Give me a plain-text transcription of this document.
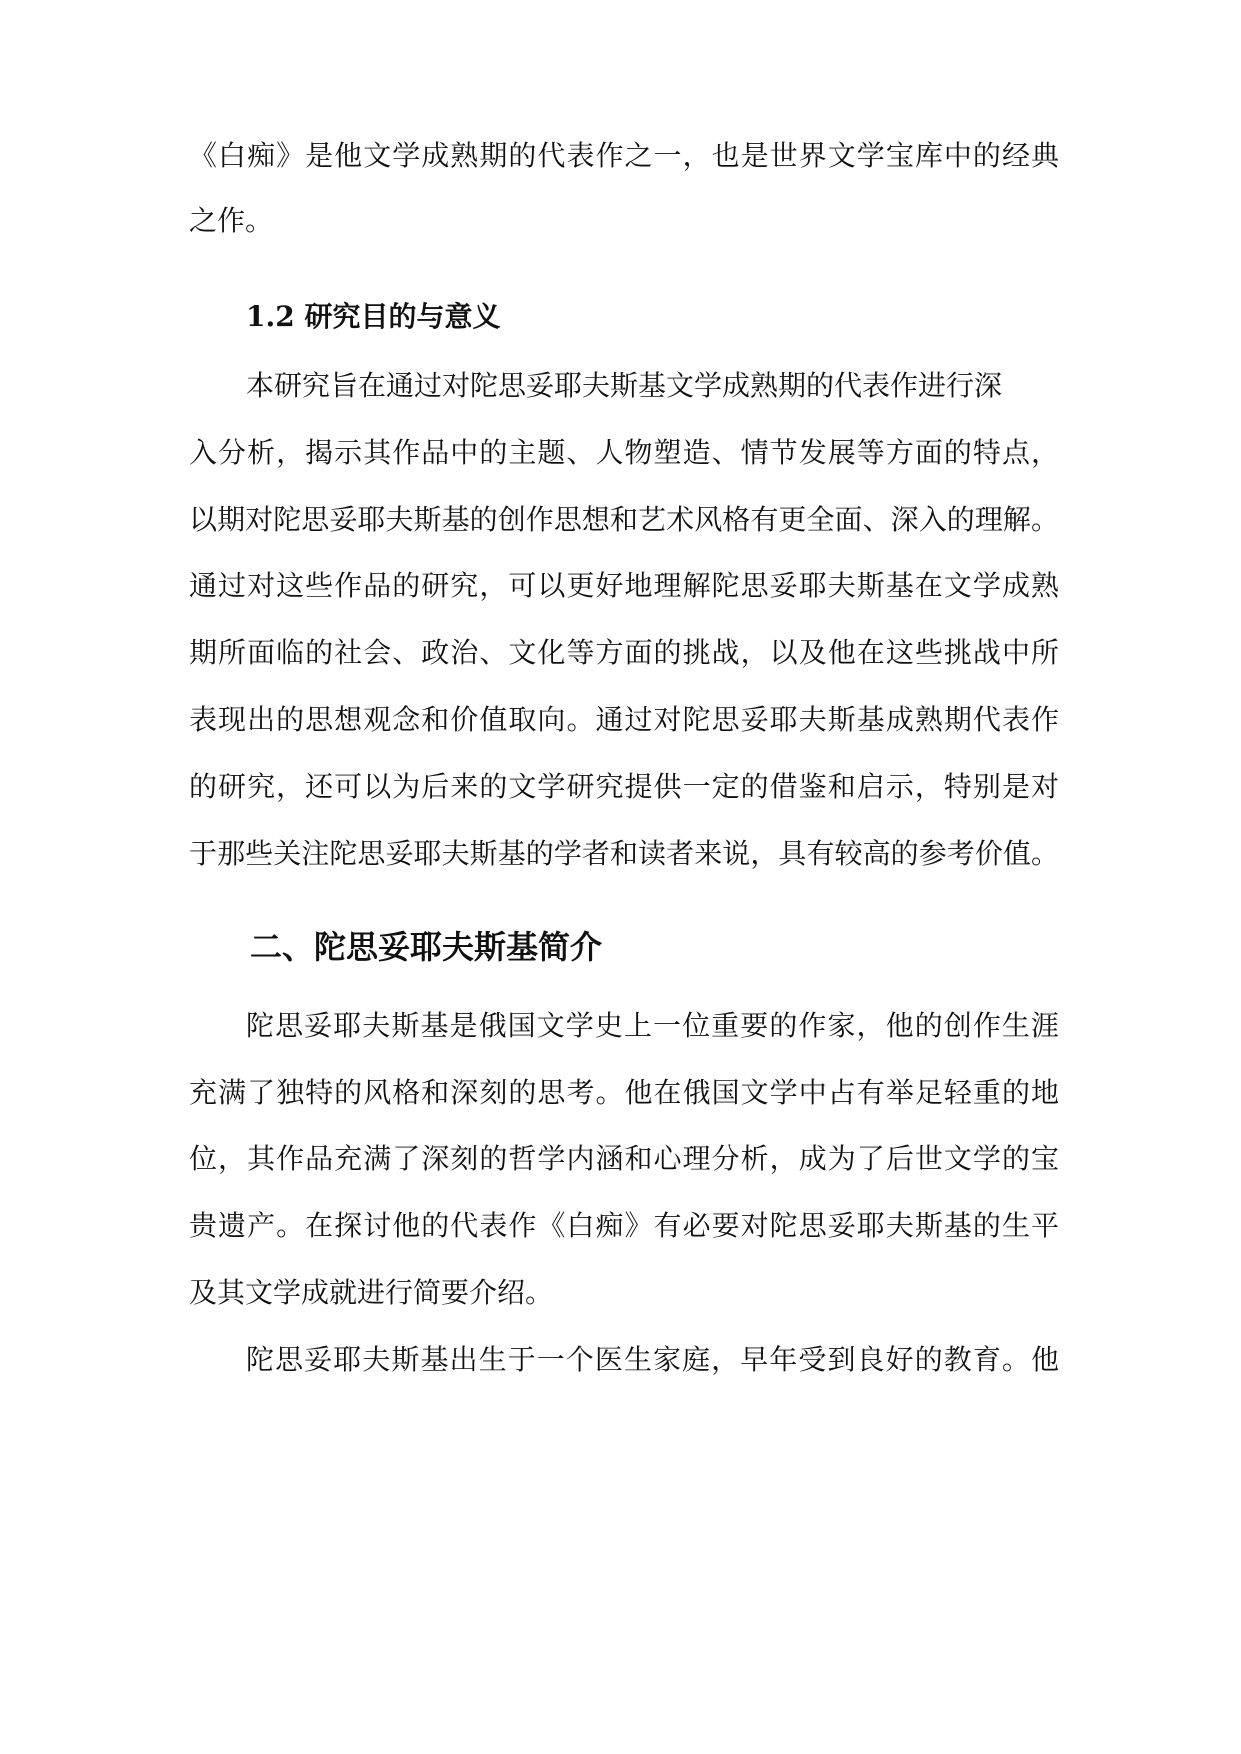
《白痴》是他文学成熟期的代表作之一，也是世界文学宝库中的经典
之作。
1.2 研究目的与意义
本研究旨在通过对陀思妥耶夫斯基文学成熟期的代表作进行深
入分析，揭示其作品中的主题、人物塑造、情节发展等方面的特点，
以期对陀思妥耶夫斯基的创作思想和艺术风格有更全面、深入的理解。
通过对这些作品的研究，可以更好地理解陀思妥耶夫斯基在文学成熟
期所面临的社会、政治、文化等方面的挑战，以及他在这些挑战中所
表现出的思想观念和价值取向。通过对陀思妥耶夫斯基成熟期代表作
的研究，还可以为后来的文学研究提供一定的借鉴和启示，特别是对
于那些关注陀思妥耶夫斯基的学者和读者来说，具有较高的参考价值。
二、陀思妥耶夫斯基简介
陀思妥耶夫斯基是俄国文学史上一位重要的作家，他的创作生涯
充满了独特的风格和深刻的思考。他在俄国文学中占有举足轻重的地
位，其作品充满了深刻的哲学内涵和心理分析，成为了后世文学的宝
贵遗产。在探讨他的代表作《白痴》有必要对陀思妥耶夫斯基的生平
及其文学成就进行简要介绍。
陀思妥耶夫斯基出生于一个医生家庭，早年受到良好的教育。他
